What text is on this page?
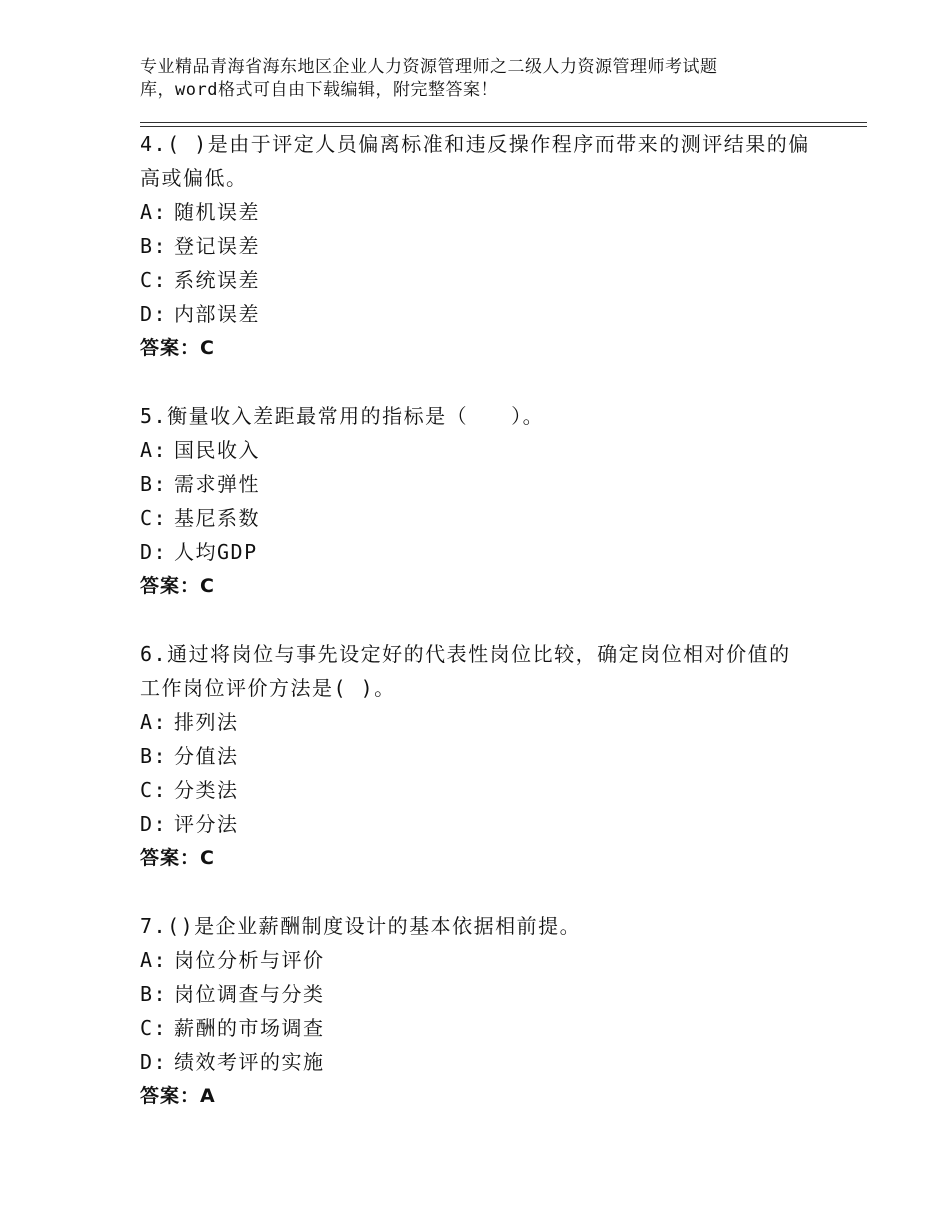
专业精品青海省海东地区企业人力资源管理师之二级人力资源管理师考试题
库，word格式可自由下载编辑，附完整答案！
4.( )是由于评定人员偏离标准和违反操作程序而带来的测评结果的偏
高或偏低。
A: 随机误差
B: 登记误差
C: 系统误差
D: 内部误差
答案：C
5.衡量收入差距最常用的指标是（　　）。
A: 国民收入
B: 需求弹性
C: 基尼系数
D: 人均GDP
答案：C
6.通过将岗位与事先设定好的代表性岗位比较，确定岗位相对价值的
工作岗位评价方法是( )。
A: 排列法
B: 分值法
C: 分类法
D: 评分法
答案：C
7.()是企业薪酬制度设计的基本依据相前提。
A: 岗位分析与评价
B: 岗位调查与分类
C: 薪酬的市场调查
D: 绩效考评的实施
答案：A
